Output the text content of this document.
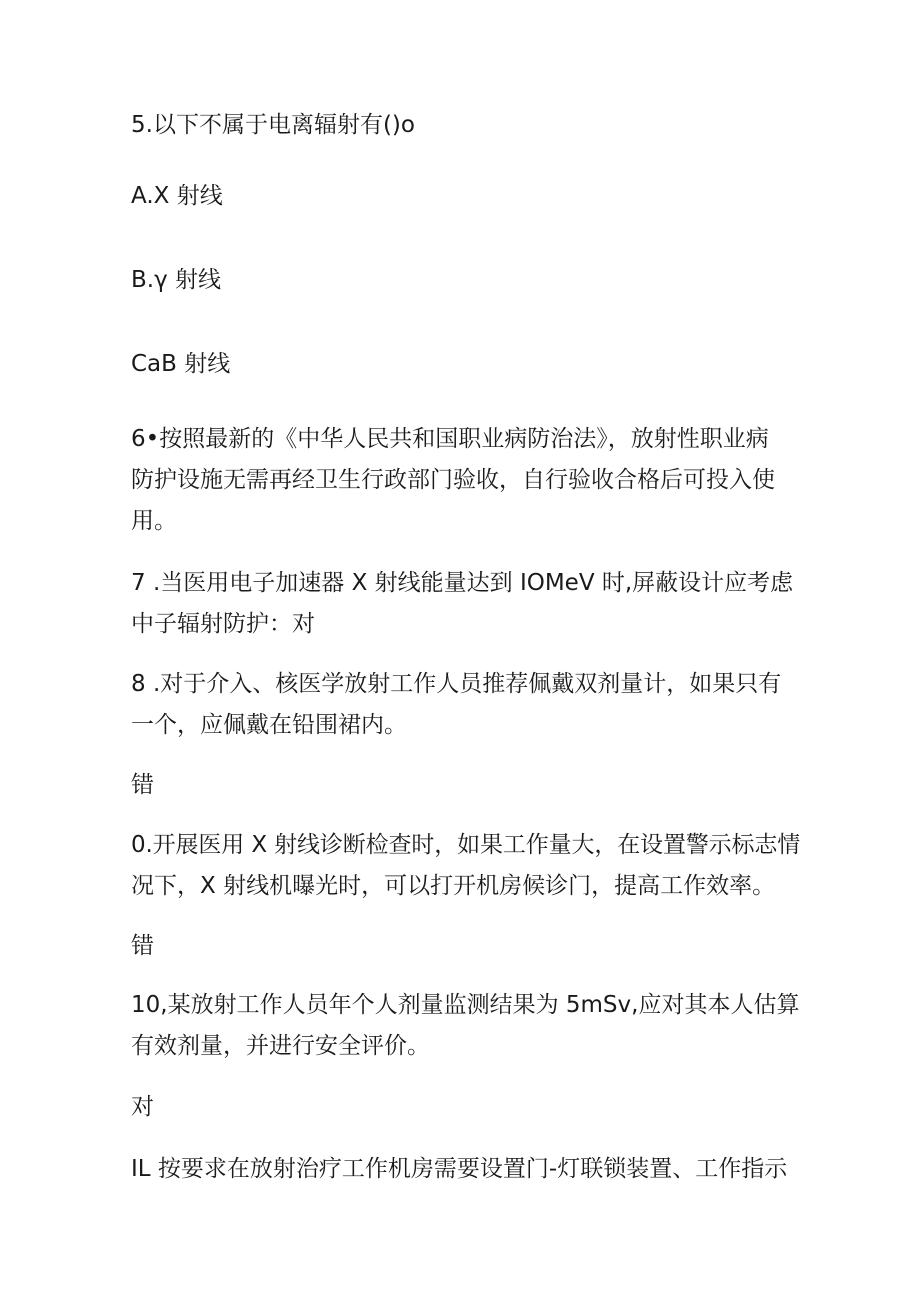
5.以下不属于电离辐射有()o
A.X 射线
B.γ 射线
CaB 射线
6•按照最新的《中华人民共和国职业病防治法》，放射性职业病
防护设施无需再经卫生行政部门验收，自行验收合格后可投入使
用。
7 .当医用电子加速器 X 射线能量达到 IOMeV 时,屏蔽设计应考虑
中子辐射防护：对
8 .对于介入、核医学放射工作人员推荐佩戴双剂量计，如果只有
一个，应佩戴在铅围裙内。
错
0.开展医用 X 射线诊断检查时，如果工作量大，在设置警示标志情
况下，X 射线机曝光时，可以打开机房候诊门，提高工作效率。
错
10,某放射工作人员年个人剂量监测结果为 5mSv,应对其本人估算
有效剂量，并进行安全评价。
对
IL 按要求在放射治疗工作机房需要设置门-灯联锁装置、工作指示
